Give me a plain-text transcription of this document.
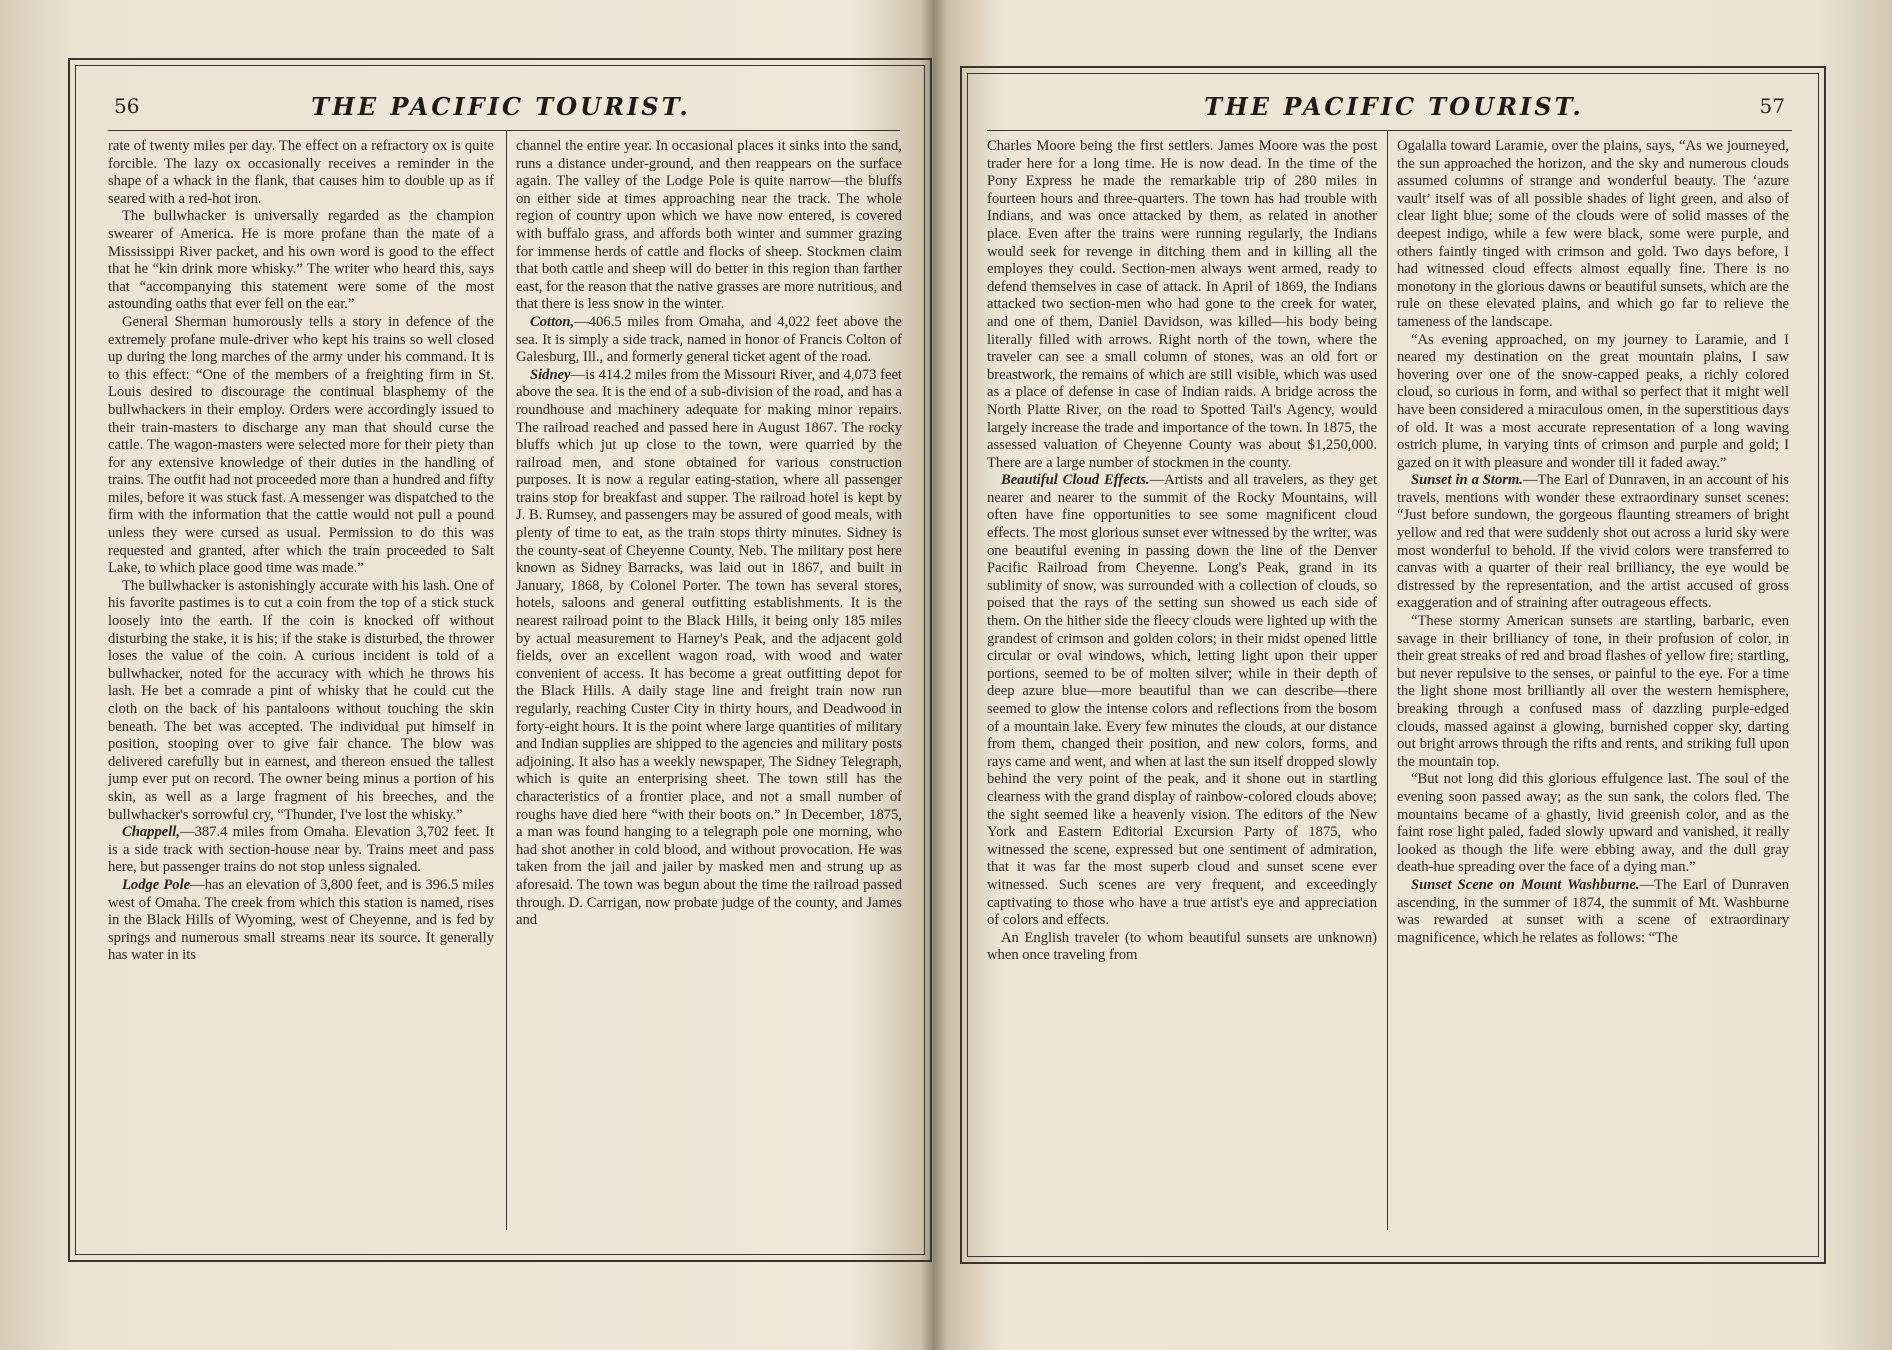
56	THE PACIFIC TOURIST.

rate of twenty miles per day. The effect on a refractory ox is quite forcible. The lazy ox occasionally receives a reminder in the shape of a whack in the flank, that causes him to double up as if seared with a red-hot iron.

The bullwhacker is universally regarded as the champion swearer of America. He is more profane than the mate of a Mississippi River packet, and his own word is good to the effect that he “kin drink more whisky.” The writer who heard this, says that “accompanying this statement were some of the most astounding oaths that ever fell on the ear.”

General Sherman humorously tells a story in defence of the extremely profane mule-driver who kept his trains so well closed up during the long marches of the army under his command. It is to this effect: “One of the members of a freighting firm in St. Louis desired to discourage the continual blasphemy of the bullwhackers in their employ. Orders were accordingly issued to their train-masters to discharge any man that should curse the cattle. The wagon-masters were selected more for their piety than for any extensive knowledge of their duties in the handling of trains. The outfit had not proceeded more than a hundred and fifty miles, before it was stuck fast. A messenger was dispatched to the firm with the information that the cattle would not pull a pound unless they were cursed as usual. Permission to do this was requested and granted, after which the train proceeded to Salt Lake, to which place good time was made.”

The bullwhacker is astonishingly accurate with his lash. One of his favorite pastimes is to cut a coin from the top of a stick stuck loosely into the earth. If the coin is knocked off without disturbing the stake, it is his; if the stake is disturbed, the thrower loses the value of the coin. A curious incident is told of a bullwhacker, noted for the accuracy with which he throws his lash. He bet a comrade a pint of whisky that he could cut the cloth on the back of his pantaloons without touching the skin beneath. The bet was accepted. The individual put himself in position, stooping over to give fair chance. The blow was delivered carefully but in earnest, and thereon ensued the tallest jump ever put on record. The owner being minus a portion of his skin, as well as a large fragment of his breeches, and the bullwhacker's sorrowful cry, “Thunder, I've lost the whisky.”

Chappell,—387.4 miles from Omaha. Elevation 3,702 feet. It is a side track with section-house near by. Trains meet and pass here, but passenger trains do not stop unless signaled.

Lodge Pole—has an elevation of 3,800 feet, and is 396.5 miles west of Omaha. The creek from which this station is named, rises in the Black Hills of Wyoming, west of Cheyenne, and is fed by springs and numerous small streams near its source. It generally has water in its

channel the entire year. In occasional places it sinks into the sand, runs a distance under-ground, and then reappears on the surface again. The valley of the Lodge Pole is quite narrow—the bluffs on either side at times approaching near the track. The whole region of country upon which we have now entered, is covered with buffalo grass, and affords both winter and summer grazing for immense herds of cattle and flocks of sheep. Stockmen claim that both cattle and sheep will do better in this region than farther east, for the reason that the native grasses are more nutritious, and that there is less snow in the winter.

Cotton,—406.5 miles from Omaha, and 4,022 feet above the sea. It is simply a side track, named in honor of Francis Colton of Galesburg, Ill., and formerly general ticket agent of the road.

Sidney—is 414.2 miles from the Missouri River, and 4,073 feet above the sea. It is the end of a sub-division of the road, and has a roundhouse and machinery adequate for making minor repairs. The railroad reached and passed here in August 1867. The rocky bluffs which jut up close to the town, were quarried by the railroad men, and stone obtained for various construction purposes. It is now a regular eating-station, where all passenger trains stop for breakfast and supper. The railroad hotel is kept by J. B. Rumsey, and passengers may be assured of good meals, with plenty of time to eat, as the train stops thirty minutes. Sidney is the county-seat of Cheyenne County, Neb. The military post here known as Sidney Barracks, was laid out in 1867, and built in January, 1868, by Colonel Porter. The town has several stores, hotels, saloons and general outfitting establishments. It is the nearest railroad point to the Black Hills, it being only 185 miles by actual measurement to Harney's Peak, and the adjacent gold fields, over an excellent wagon road, with wood and water convenient of access. It has become a great outfitting depot for the Black Hills. A daily stage line and freight train now run regularly, reaching Custer City in thirty hours, and Deadwood in forty-eight hours. It is the point where large quantities of military and Indian supplies are shipped to the agencies and military posts adjoining. It also has a weekly newspaper, The Sidney Telegraph, which is quite an enterprising sheet. The town still has the characteristics of a frontier place, and not a small number of roughs have died here “with their boots on.” In December, 1875, a man was found hanging to a telegraph pole one morning, who had shot another in cold blood, and without provocation. He was taken from the jail and jailer by masked men and strung up as aforesaid. The town was begun about the time the railroad passed through. D. Carrigan, now probate judge of the county, and James and

THE PACIFIC TOURIST.	57

Charles Moore being the first settlers. James Moore was the post trader here for a long time. He is now dead. In the time of the Pony Express he made the remarkable trip of 280 miles in fourteen hours and three-quarters. The town has had trouble with Indians, and was once attacked by them, as related in another place. Even after the trains were running regularly, the Indians would seek for revenge in ditching them and in killing all the employes they could. Section-men always went armed, ready to defend themselves in case of attack. In April of 1869, the Indians attacked two section-men who had gone to the creek for water, and one of them, Daniel Davidson, was killed—his body being literally filled with arrows. Right north of the town, where the traveler can see a small column of stones, was an old fort or breastwork, the remains of which are still visible, which was used as a place of defense in case of Indian raids. A bridge across the North Platte River, on the road to Spotted Tail's Agency, would largely increase the trade and importance of the town. In 1875, the assessed valuation of Cheyenne County was about $1,250,000. There are a large number of stockmen in the county.

Beautiful Cloud Effects.—Artists and all travelers, as they get nearer and nearer to the summit of the Rocky Mountains, will often have fine opportunities to see some magnificent cloud effects. The most glorious sunset ever witnessed by the writer, was one beautiful evening in passing down the line of the Denver Pacific Railroad from Cheyenne. Long's Peak, grand in its sublimity of snow, was surrounded with a collection of clouds, so poised that the rays of the setting sun showed us each side of them. On the hither side the fleecy clouds were lighted up with the grandest of crimson and golden colors; in their midst opened little circular or oval windows, which, letting light upon their upper portions, seemed to be of molten silver; while in their depth of deep azure blue—more beautiful than we can describe—there seemed to glow the intense colors and reflections from the bosom of a mountain lake. Every few minutes the clouds, at our distance from them, changed their position, and new colors, forms, and rays came and went, and when at last the sun itself dropped slowly behind the very point of the peak, and it shone out in startling clearness with the grand display of rainbow-colored clouds above; the sight seemed like a heavenly vision. The editors of the New York and Eastern Editorial Excursion Party of 1875, who witnessed the scene, expressed but one sentiment of admiration, that it was far the most superb cloud and sunset scene ever witnessed. Such scenes are very frequent, and exceedingly captivating to those who have a true artist's eye and appreciation of colors and effects.

An English traveler (to whom beautiful sunsets are unknown) when once traveling from

Ogalalla toward Laramie, over the plains, says, “As we journeyed, the sun approached the horizon, and the sky and numerous clouds assumed columns of strange and wonderful beauty. The ‘azure vault’ itself was of all possible shades of light green, and also of clear light blue; some of the clouds were of solid masses of the deepest indigo, while a few were black, some were purple, and others faintly tinged with crimson and gold. Two days before, I had witnessed cloud effects almost equally fine. There is no monotony in the glorious dawns or beautiful sunsets, which are the rule on these elevated plains, and which go far to relieve the tameness of the landscape.

“As evening approached, on my journey to Laramie, and I neared my destination on the great mountain plains, I saw hovering over one of the snow-capped peaks, a richly colored cloud, so curious in form, and withal so perfect that it might well have been considered a miraculous omen, in the superstitious days of old. It was a most accurate representation of a long waving ostrich plume, in varying tints of crimson and purple and gold; I gazed on it with pleasure and wonder till it faded away.”

Sunset in a Storm.—The Earl of Dunraven, in an account of his travels, mentions with wonder these extraordinary sunset scenes: “Just before sundown, the gorgeous flaunting streamers of bright yellow and red that were suddenly shot out across a lurid sky were most wonderful to behold. If the vivid colors were transferred to canvas with a quarter of their real brilliancy, the eye would be distressed by the representation, and the artist accused of gross exaggeration and of straining after outrageous effects.

“These stormy American sunsets are startling, barbaric, even savage in their brilliancy of tone, in their profusion of color, in their great streaks of red and broad flashes of yellow fire; startling, but never repulsive to the senses, or painful to the eye. For a time the light shone most brilliantly all over the western hemisphere, breaking through a confused mass of dazzling purple-edged clouds, massed against a glowing, burnished copper sky, darting out bright arrows through the rifts and rents, and striking full upon the mountain top.

“But not long did this glorious effulgence last. The soul of the evening soon passed away; as the sun sank, the colors fled. The mountains became of a ghastly, livid greenish color, and as the faint rose light paled, faded slowly upward and vanished, it really looked as though the life were ebbing away, and the dull gray death-hue spreading over the face of a dying man.”

Sunset Scene on Mount Washburne.—The Earl of Dunraven ascending, in the summer of 1874, the summit of Mt. Washburne was rewarded at sunset with a scene of extraordinary magnificence, which he relates as follows: “The
